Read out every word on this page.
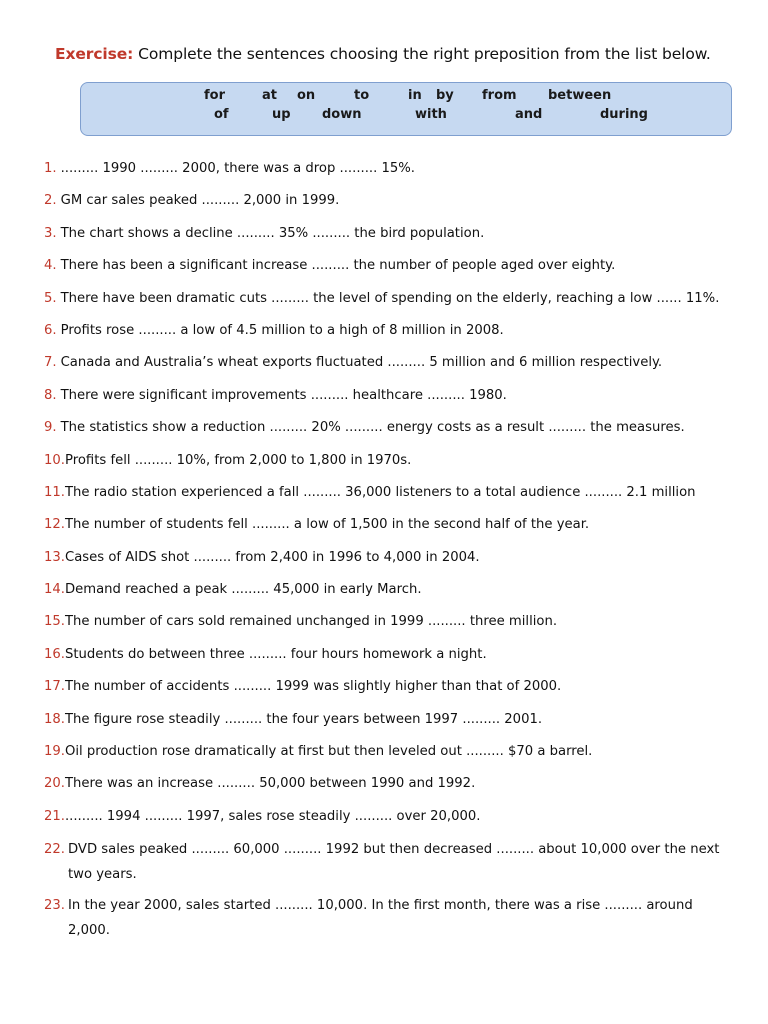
Exercise: Complete the sentences choosing the right preposition from the list below.
for	at on	to	in by from between
of	up down	with	and	during
1. ......... 1990 ......... 2000, there was a drop ......... 15%.
2. GM car sales peaked ......... 2,000 in 1999.
3. The chart shows a decline ......... 35% ......... the bird population.
4. There has been a significant increase ......... the number of people aged over eighty.
5. There have been dramatic cuts ......... the level of spending on the elderly, reaching a low ...... 11%.
6. Profits rose ......... a low of 4.5 million to a high of 8 million in 2008.
7. Canada and Australia’s wheat exports fluctuated ......... 5 million and 6 million respectively.
8. There were significant improvements ......... healthcare ......... 1980.
9. The statistics show a reduction ......... 20% ......... energy costs as a result ......... the measures.
10.Profits fell ......... 10%, from 2,000 to 1,800 in 1970s.
11.The radio station experienced a fall ......... 36,000 listeners to a total audience ......... 2.1 million
12.The number of students fell ......... a low of 1,500 in the second half of the year.
13.Cases of AIDS shot ......... from 2,400 in 1996 to 4,000 in 2004.
14.Demand reached a peak ......... 45,000 in early March.
15.The number of cars sold remained unchanged in 1999 ......... three million.
16.Students do between three ......... four hours homework a night.
17.The number of accidents ......... 1999 was slightly higher than that of 2000.
18.The figure rose steadily ......... the four years between 1997 ......... 2001.
19.Oil production rose dramatically at first but then leveled out ......... $70 a barrel.
20.There was an increase ......... 50,000 between 1990 and 1992.
21.......... 1994 ......... 1997, sales rose steadily ......... over 20,000.
22. DVD sales peaked ......... 60,000 ......... 1992 but then decreased ......... about 10,000 over the next two years.
23. In the year 2000, sales started ......... 10,000. In the first month, there was a rise ......... around 2,000.
